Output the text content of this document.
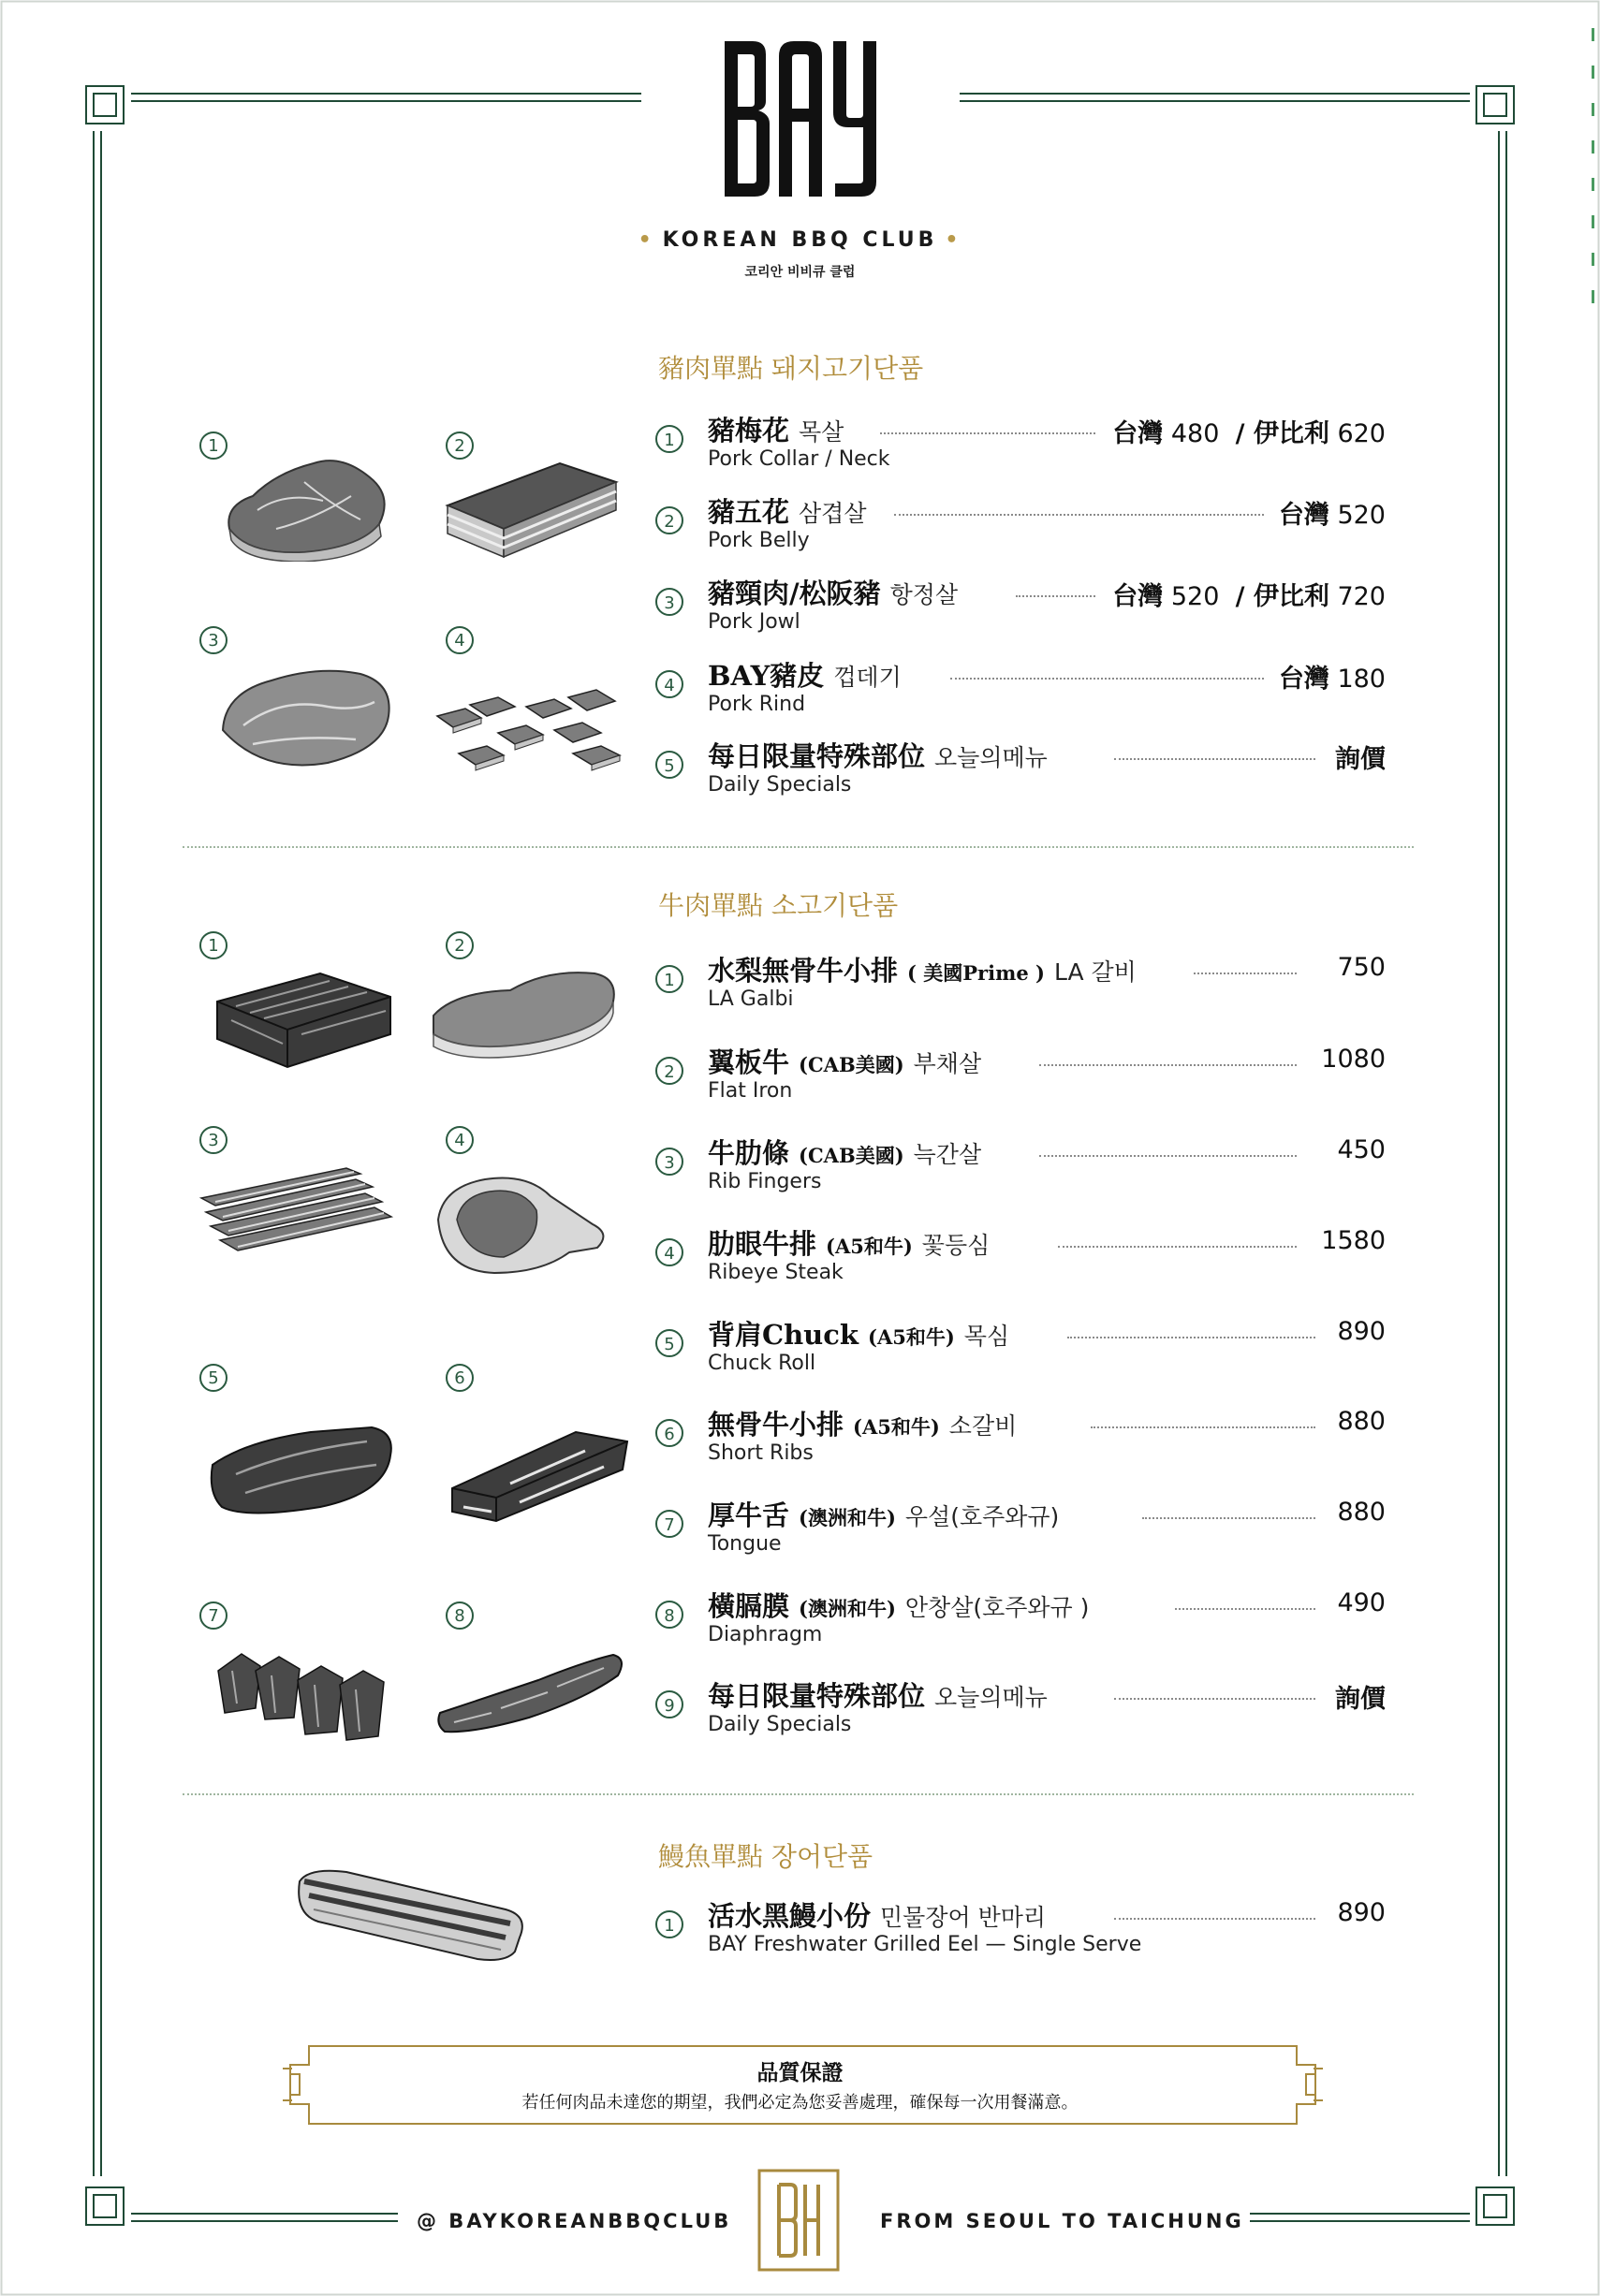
• KOREAN BBQ CLUB •
코리안 비비큐 클럽
豬肉單點 돼지고기단품
1	2
3	4
1	豬梅花 목살
Pork Collar / Neck
台灣 480 / 伊比利 620
2	豬五花 삼겹살
Pork Belly
台灣 520
3	豬頸肉/松阪豬 항정살
Pork Jowl
台灣 520 / 伊比利 720
4	BAY豬皮 껍데기
Pork Rind
台灣 180
5	每日限量特殊部位 오늘의메뉴
Daily Specials
詢價
牛肉單點 소고기단품
1	2
3	4
5	6
7	8
1	水梨無骨牛小排 ( 美國Prime ) LA 갈비
LA Galbi
750
2	翼板牛 (CAB美國) 부채살
Flat Iron
1080
3	牛肋條 (CAB美國) 늑간살
Rib Fingers
450
4	肋眼牛排 (A5和牛) 꽃등심
Ribeye Steak
1580
5	背肩Chuck (A5和牛) 목심
Chuck Roll
890
6	無骨牛小排 (A5和牛) 소갈비
Short Ribs
880
7	厚牛舌 (澳洲和牛) 우설(호주와규)
Tongue
880
8	橫膈膜 (澳洲和牛) 안창살(호주와규 )
Diaphragm
490
9	每日限量特殊部位 오늘의메뉴
Daily Specials
詢價
鰻魚單點 장어단품
1	活水黑鰻小份 민물장어 반마리
BAY Freshwater Grilled Eel — Single Serve
890
品質保證
若任何肉品未達您的期望，我們必定為您妥善處理，確保每一次用餐滿意。
@ BAYKOREANBBQCLUB	FROM SEOUL TO TAICHUNG
